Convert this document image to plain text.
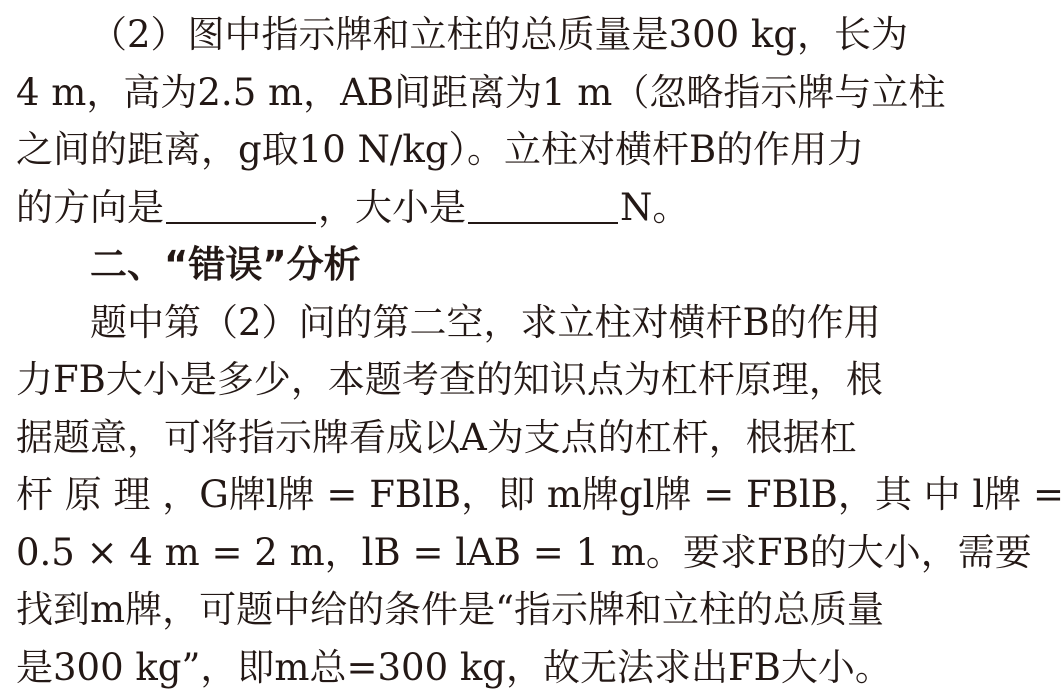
（2）图中指示牌和立柱的总质量是300 kg，长为
4 m，高为2.5 m，AB间距离为1 m（忽略指示牌与立柱
之间的距离，g取10 N/kg）。立柱对横杆B的作用力
的方向是	，大小是	N。
二、“错误”分析
题中第（2）问的第二空，求立柱对横杆B的作用
力FB大小是多少，本题考查的知识点为杠杆原理，根
据题意，可将指示牌看成以A为支点的杠杆，根据杠
杆 原 理 ，G牌l牌 = FBlB，即 m牌gl牌 = FBlB，其 中 l牌 =
0.5 × 4 m = 2 m，lB = lAB = 1 m。要求FB的大小，需要
找到m牌，可题中给的条件是“指示牌和立柱的总质量
是300 kg”，即m总=300 kg，故无法求出FB大小。
